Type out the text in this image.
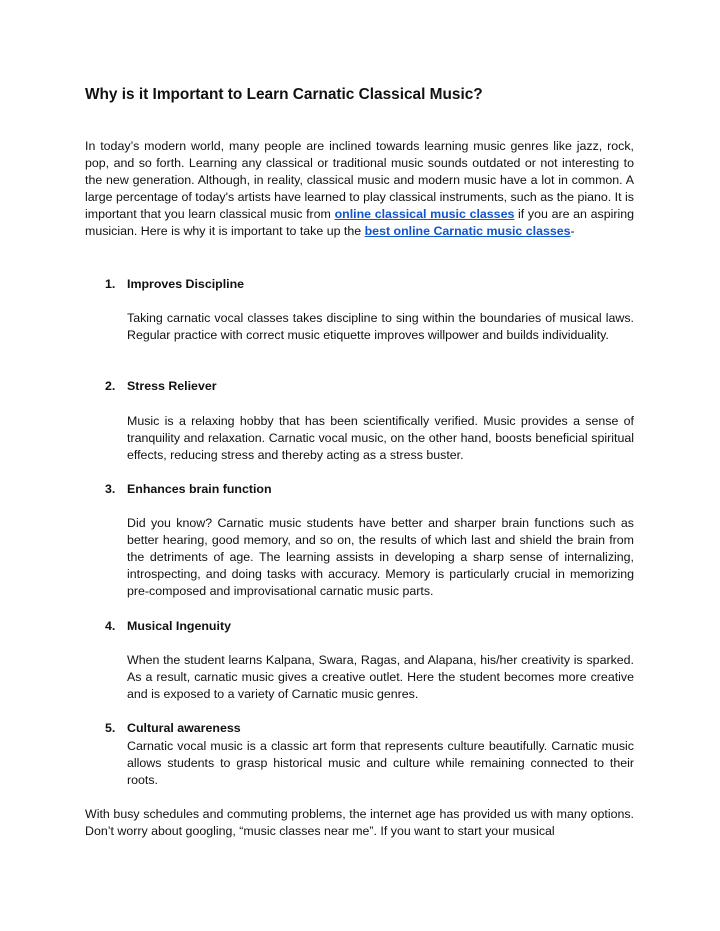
Why is it Important to Learn Carnatic Classical Music?

In today’s modern world, many people are inclined towards learning music genres like jazz, rock, pop, and so forth. Learning any classical or traditional music sounds outdated or not interesting to the new generation. Although, in reality, classical music and modern music have a lot in common. A large percentage of today's artists have learned to play classical instruments, such as the piano. It is important that you learn classical music from online classical music classes if you are an aspiring musician. Here is why it is important to take up the best online Carnatic music classes-

1. Improves Discipline

Taking carnatic vocal classes takes discipline to sing within the boundaries of musical laws. Regular practice with correct music etiquette improves willpower and builds individuality.

2. Stress Reliever

Music is a relaxing hobby that has been scientifically verified. Music provides a sense of tranquility and relaxation. Carnatic vocal music, on the other hand, boosts beneficial spiritual effects, reducing stress and thereby acting as a stress buster.

3. Enhances brain function

Did you know? Carnatic music students have better and sharper brain functions such as better hearing, good memory, and so on, the results of which last and shield the brain from the detriments of age. The learning assists in developing a sharp sense of internalizing, introspecting, and doing tasks with accuracy. Memory is particularly crucial in memorizing pre-composed and improvisational carnatic music parts.

4. Musical Ingenuity

When the student learns Kalpana, Swara, Ragas, and Alapana, his/her creativity is sparked. As a result, carnatic music gives a creative outlet. Here the student becomes more creative and is exposed to a variety of Carnatic music genres.

5. Cultural awareness

Carnatic vocal music is a classic art form that represents culture beautifully. Carnatic music allows students to grasp historical music and culture while remaining connected to their roots.

With busy schedules and commuting problems, the internet age has provided us with many options. Don’t worry about googling, “music classes near me”. If you want to start your musical
